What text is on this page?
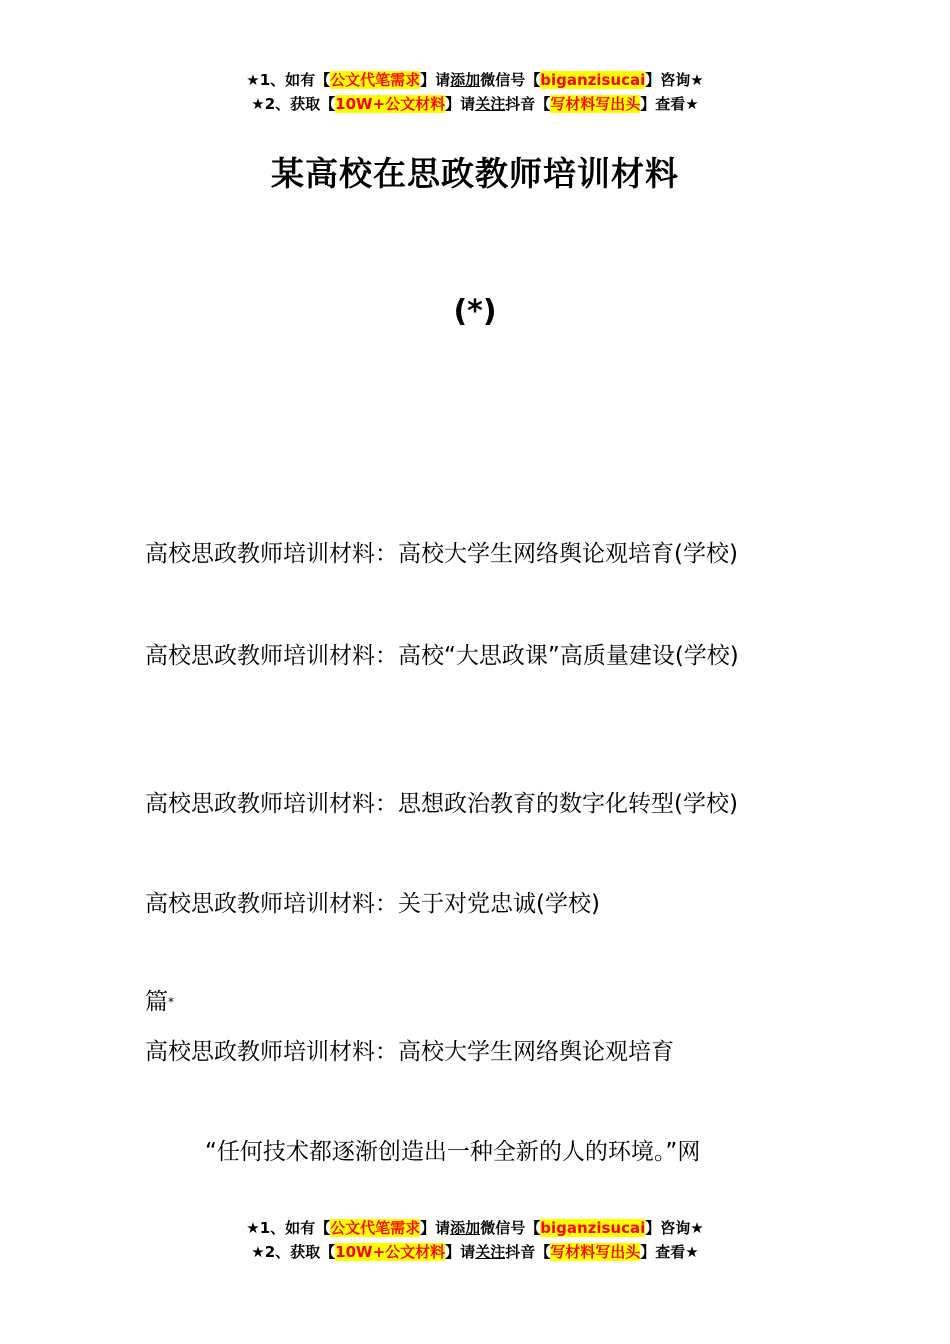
★1、如有【公文代笔需求】请添加微信号【biganzisucai】咨询★
★2、获取【10W+公文材料】请关注抖音【写材料写出头】查看★
某高校在思政教师培训材料
(*)

高校思政教师培训材料：高校大学生网络舆论观培育(学校)

高校思政教师培训材料：高校“大思政课”高质量建设(学校)

高校思政教师培训材料：思想政治教育的数字化转型(学校)

高校思政教师培训材料：关于对党忠诚(学校)

篇*

高校思政教师培训材料：高校大学生网络舆论观培育

“任何技术都逐渐创造出一种全新的人的环境。”网

★1、如有【公文代笔需求】请添加微信号【biganzisucai】咨询★
★2、获取【10W+公文材料】请关注抖音【写材料写出头】查看★
